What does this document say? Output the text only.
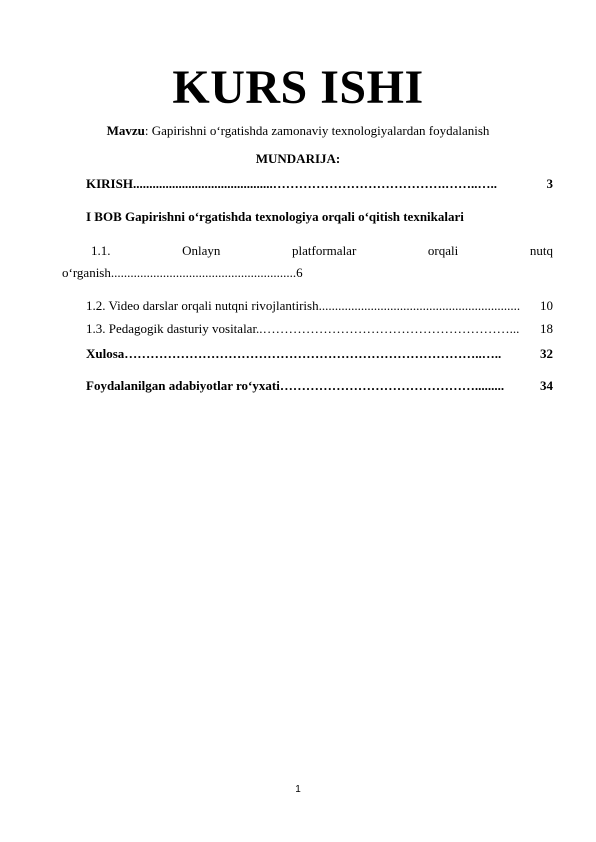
KURS ISHI
Mavzu: Gapirishni o‘rgatishda zamonaviy texnologiyalardan foydalanish
MUNDARIJA:
KIRISH. ..........................................………………………………….……..…..	3
I BOB Gapirishni o‘rgatishda texnologiya orqali o‘qitish texnikalari
1.1.	Onlayn	platformalar	orqali	nutq
o‘rganish.........................................................6
1.2. Video darslar orqali nutqni rivojlantirish ..............................................................	10
1.3. Pedagogik dasturiy vositalar.. …………………………………………………...	18
Xulosa ………………………………………………………………………..…..	32
Foydalanilgan adabiyotlar ro‘yxati ……………………………………….........	34
1
